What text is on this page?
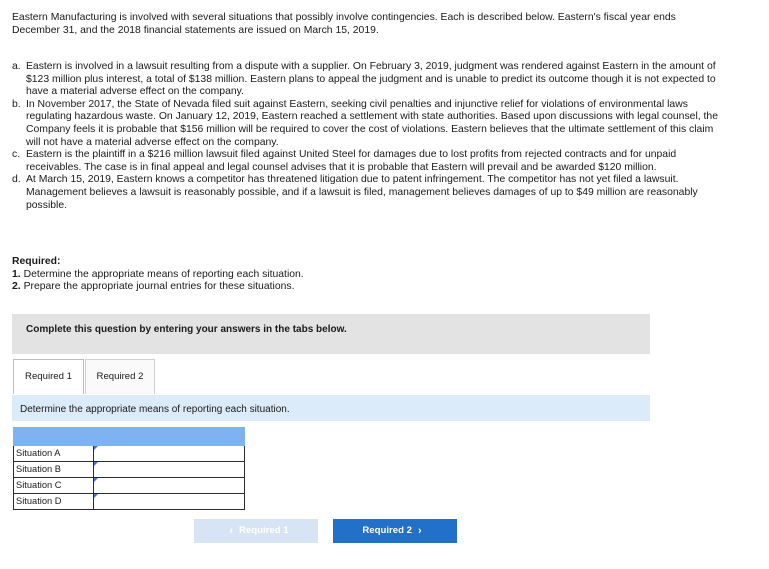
Eastern Manufacturing is involved with several situations that possibly involve contingencies. Each is described below. Eastern's fiscal year ends December 31, and the 2018 financial statements are issued on March 15, 2019.
a. Eastern is involved in a lawsuit resulting from a dispute with a supplier. On February 3, 2019, judgment was rendered against Eastern in the amount of $123 million plus interest, a total of $138 million. Eastern plans to appeal the judgment and is unable to predict its outcome though it is not expected to have a material adverse effect on the company.
b. In November 2017, the State of Nevada filed suit against Eastern, seeking civil penalties and injunctive relief for violations of environmental laws regulating hazardous waste. On January 12, 2019, Eastern reached a settlement with state authorities. Based upon discussions with legal counsel, the Company feels it is probable that $156 million will be required to cover the cost of violations. Eastern believes that the ultimate settlement of this claim will not have a material adverse effect on the company.
c. Eastern is the plaintiff in a $216 million lawsuit filed against United Steel for damages due to lost profits from rejected contracts and for unpaid receivables. The case is in final appeal and legal counsel advises that it is probable that Eastern will prevail and be awarded $120 million.
d. At March 15, 2019, Eastern knows a competitor has threatened litigation due to patent infringement. The competitor has not yet filed a lawsuit. Management believes a lawsuit is reasonably possible, and if a lawsuit is filed, management believes damages of up to $49 million are reasonably possible.
Required:
1. Determine the appropriate means of reporting each situation.
2. Prepare the appropriate journal entries for these situations.
Complete this question by entering your answers in the tabs below.
Required 1	Required 2
Determine the appropriate means of reporting each situation.

Situation A	

Situation B	

Situation C	

Situation D	
‹ Required 1	Required 2 ›
